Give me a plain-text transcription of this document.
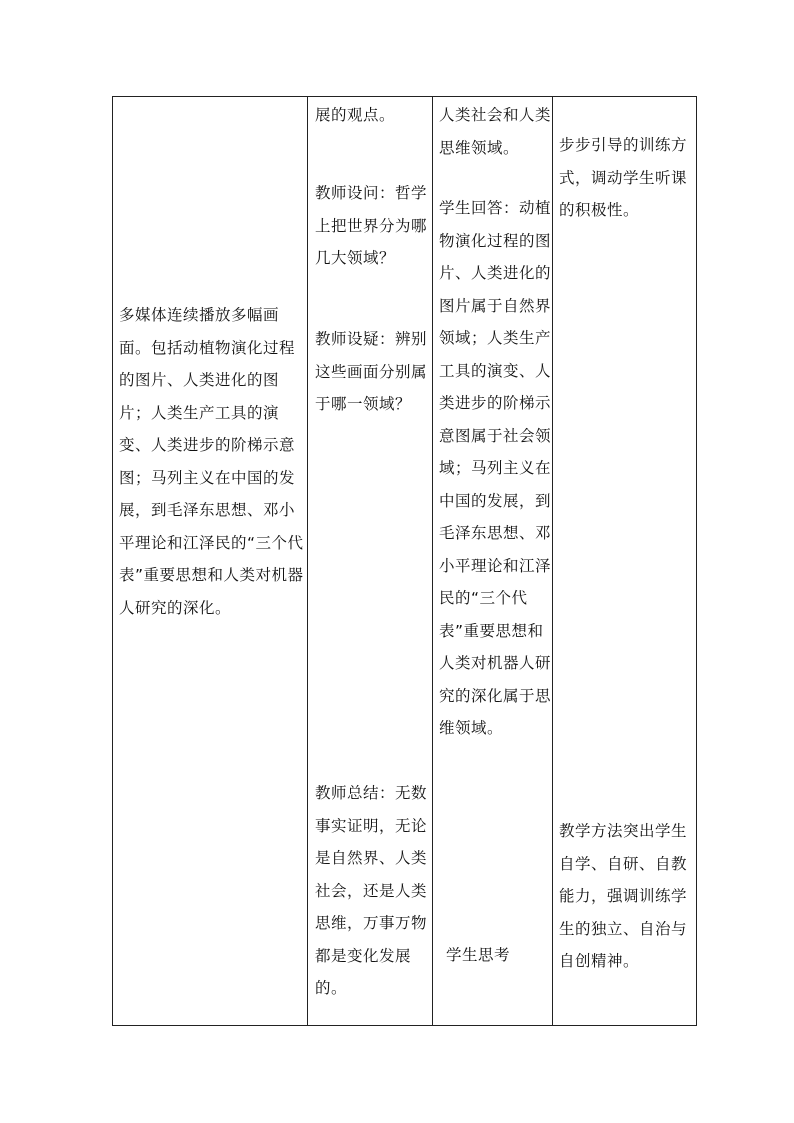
多媒体连续播放多幅画面。包括动植物演化过程的图片、人类进化的图片；人类生产工具的演变、人类进步的阶梯示意图；马列主义在中国的发展，到毛泽东思想、邓小平理论和江泽民的“三个代表”重要思想和人类对机器人研究的深化。
展的观点。
教师设问：哲学上把世界分为哪几大领域？
教师设疑：辨别这些画面分别属于哪一领域？
教师总结：无数事实证明，无论是自然界、人类社会，还是人类思维，万事万物都是变化发展的。
人类社会和人类思维领域。
学生回答：动植物演化过程的图片、人类进化的图片属于自然界领域；人类生产工具的演变、人类进步的阶梯示意图属于社会领域；马列主义在中国的发展，到毛泽东思想、邓小平理论和江泽民的“三个代表”重要思想和人类对机器人研究的深化属于思维领域。
学生思考
步步引导的训练方式，调动学生听课的积极性。
教学方法突出学生自学、自研、自教能力，强调训练学生的独立、自治与自创精神。
